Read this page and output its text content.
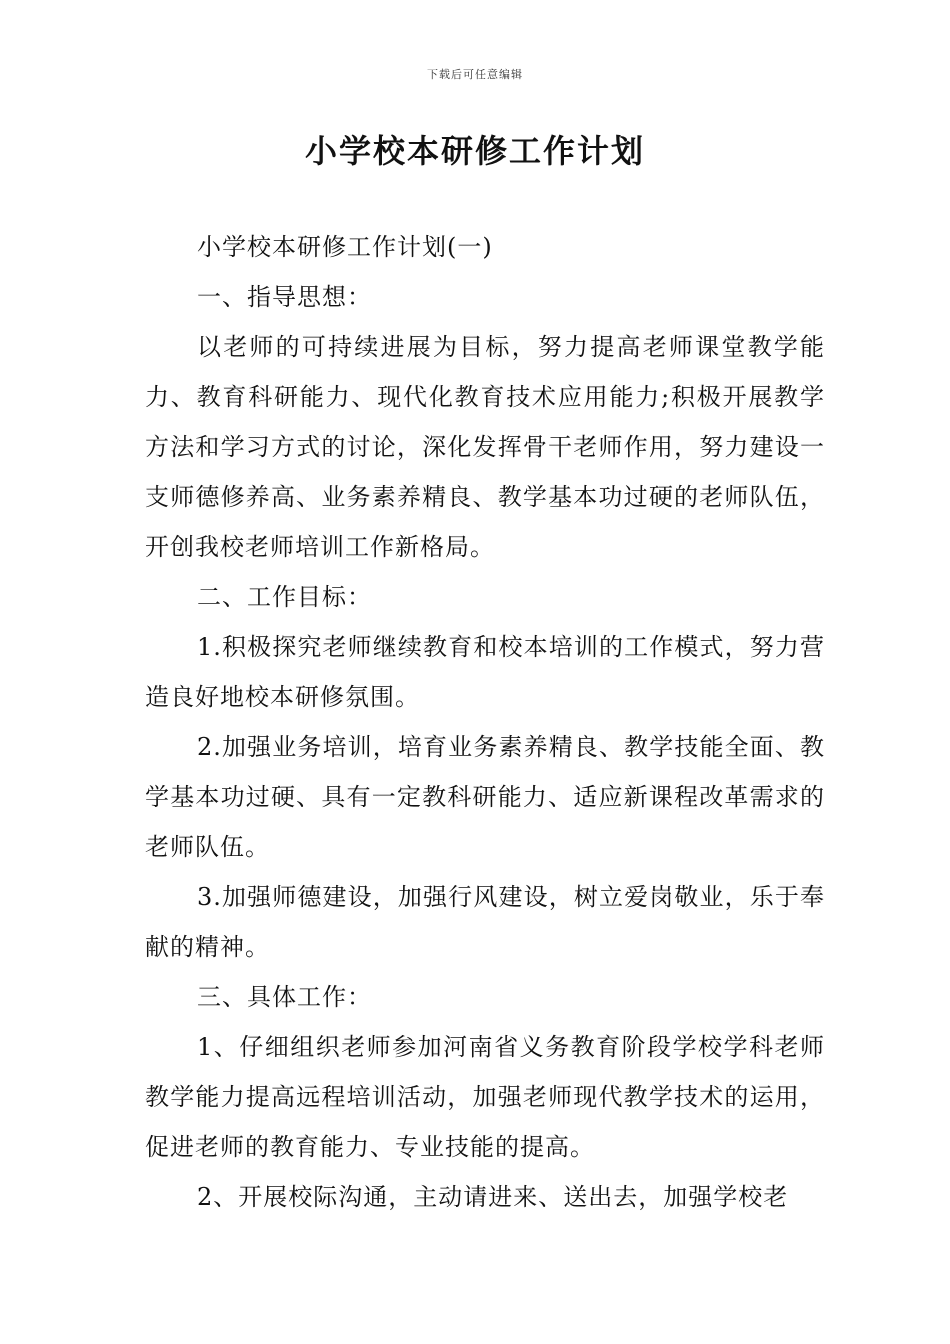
下载后可任意编辑
小学校本研修工作计划

小学校本研修工作计划(一)

一、指导思想：

以老师的可持续进展为目标，努力提高老师课堂教学能力、教育科研能力、现代化教育技术应用能力;积极开展教学方法和学习方式的讨论，深化发挥骨干老师作用，努力建设一支师德修养高、业务素养精良、教学基本功过硬的老师队伍，开创我校老师培训工作新格局。

二、工作目标：

1.积极探究老师继续教育和校本培训的工作模式，努力营造良好地校本研修氛围。

2.加强业务培训，培育业务素养精良、教学技能全面、教学基本功过硬、具有一定教科研能力、适应新课程改革需求的老师队伍。

3.加强师德建设，加强行风建设，树立爱岗敬业，乐于奉献的精神。

三、具体工作：

1、仔细组织老师参加河南省义务教育阶段学校学科老师教学能力提高远程培训活动，加强老师现代教学技术的运用，促进老师的教育能力、专业技能的提高。

2、开展校际沟通，主动请进来、送出去，加强学校老
